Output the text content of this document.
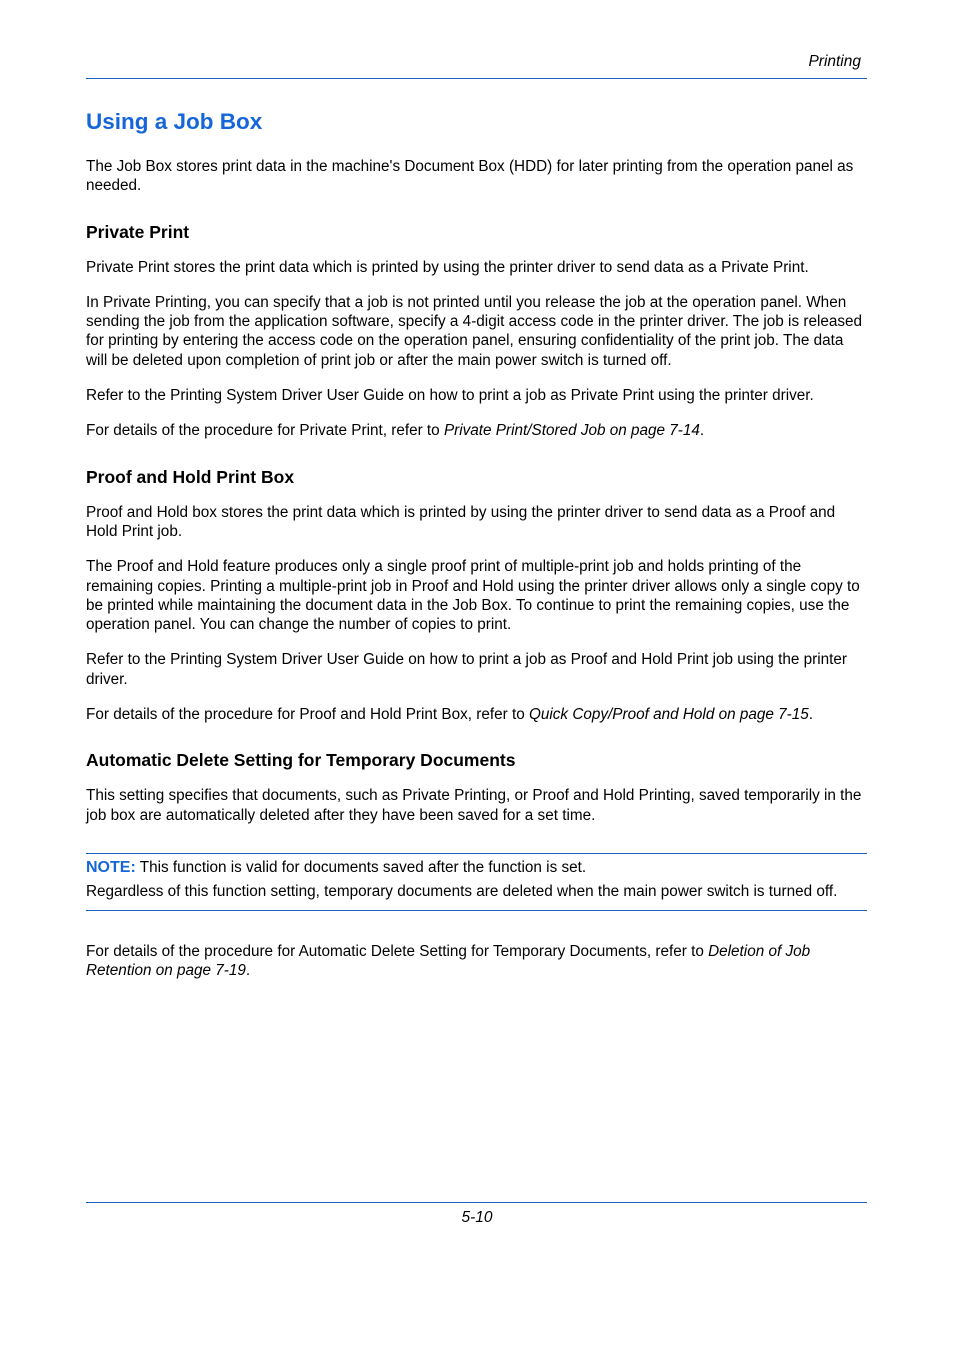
Printing
Using a Job Box

The Job Box stores print data in the machine's Document Box (HDD) for later printing from the operation panel as needed.

Private Print

Private Print stores the print data which is printed by using the printer driver to send data as a Private Print.

In Private Printing, you can specify that a job is not printed until you release the job at the operation panel. When sending the job from the application software, specify a 4-digit access code in the printer driver. The job is released for printing by entering the access code on the operation panel, ensuring confidentiality of the print job. The data will be deleted upon completion of print job or after the main power switch is turned off.

Refer to the Printing System Driver User Guide on how to print a job as Private Print using the printer driver.

For details of the procedure for Private Print, refer to Private Print/Stored Job on page 7-14.

Proof and Hold Print Box

Proof and Hold box stores the print data which is printed by using the printer driver to send data as a Proof and Hold Print job.

The Proof and Hold feature produces only a single proof print of multiple-print job and holds printing of the remaining copies. Printing a multiple-print job in Proof and Hold using the printer driver allows only a single copy to be printed while maintaining the document data in the Job Box. To continue to print the remaining copies, use the operation panel. You can change the number of copies to print.

Refer to the Printing System Driver User Guide on how to print a job as Proof and Hold Print job using the printer driver.

For details of the procedure for Proof and Hold Print Box, refer to Quick Copy/Proof and Hold on page 7-15.

Automatic Delete Setting for Temporary Documents

This setting specifies that documents, such as Private Printing, or Proof and Hold Printing, saved temporarily in the job box are automatically deleted after they have been saved for a set time.

NOTE: This function is valid for documents saved after the function is set.

Regardless of this function setting, temporary documents are deleted when the main power switch is turned off.

For details of the procedure for Automatic Delete Setting for Temporary Documents, refer to Deletion of Job Retention on page 7-19.

5-10
